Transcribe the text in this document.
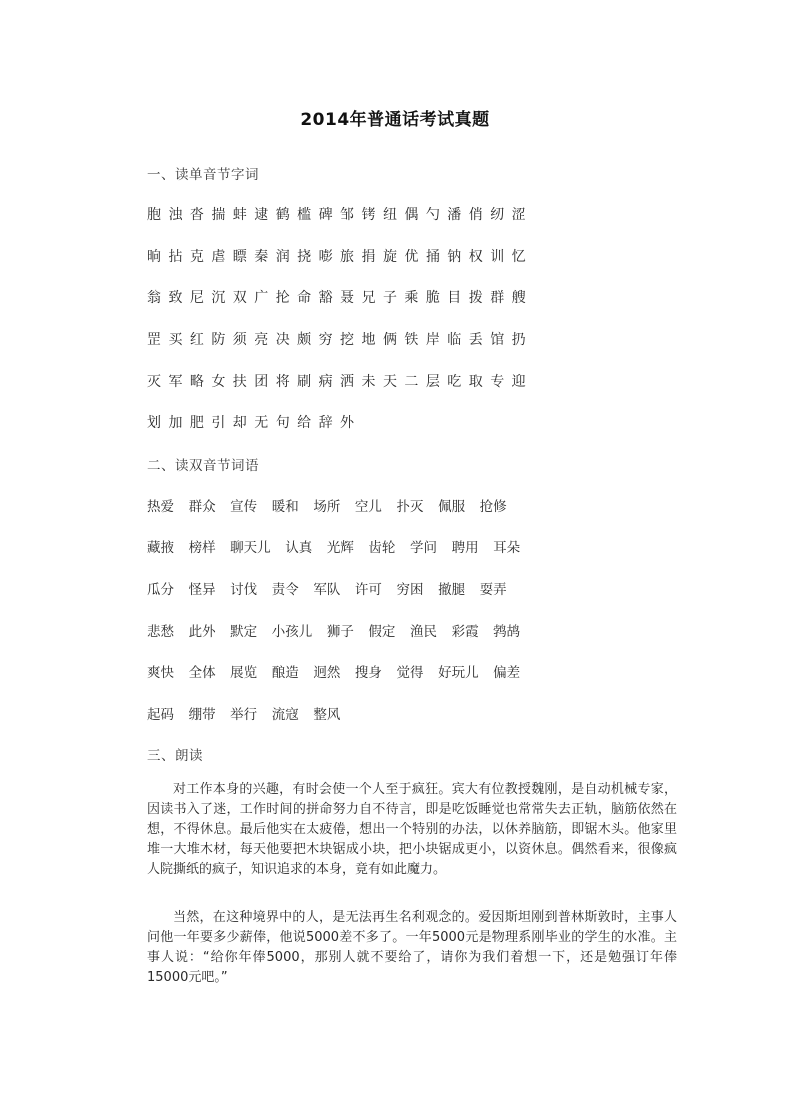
2014年普通话考试真题
一、读单音节字词
胞 浊 沓 揣 蚌 逮 鹤 槛 碑 邹 铐 纽 偶 勺 潘 俏 纫 涩
晌 拈 克 虐 瞟 秦 润 挠 嘭 旅 捐 旋 优 捅 钠 权 训 忆
翁 致 尼 沉 双 广 抡 命 豁 聂 兄 子 乘 脆 目 拨 群 艘
罡 买 红 防 须 亮 决 颇 穷 挖 地 俩 铁 岸 临 丢 馆 扔
灭 军 略 女 扶 团 将 刷 病 洒 未 天 二 层 吃 取 专 迎
划 加 肥 引 却 无 句 给 辞 外
二、读双音节词语
热爱  群众  宣传  暖和  场所  空儿  扑灭  佩服  抢修
藏掖  榜样  聊天儿  认真  光辉  齿轮  学问  聘用  耳朵
瓜分  怪异  讨伐  责令  军队  许可  穷困  撤腿  耍弄
悲愁  此外  默定  小孩儿  狮子  假定  渔民  彩霞  鹁鸪
爽快  全体  展览  酿造  迥然  搜身  觉得  好玩儿  偏差
起码  绷带  举行  流寇  整风
三、朗读
对工作本身的兴趣，有时会使一个人至于疯狂。宾大有位教授魏刚，是自动机械专家，因读书入了迷，工作时间的拼命努力自不待言，即是吃饭睡觉也常常失去正轨，脑筋依然在想，不得休息。最后他实在太疲倦，想出一个特别的办法，以休养脑筋，即锯木头。他家里堆一大堆木材，每天他要把木块锯成小块，把小块锯成更小，以资休息。偶然看来，很像疯人院撕纸的疯子，知识追求的本身，竟有如此魔力。
当然，在这种境界中的人，是无法再生名利观念的。爱因斯坦刚到普林斯敦时，主事人问他一年要多少薪俸，他说5000差不多了。一年5000元是物理系刚毕业的学生的水准。主事人说：“给你年俸5000，那别人就不要给了，请你为我们着想一下，还是勉强订年俸15000元吧。”
